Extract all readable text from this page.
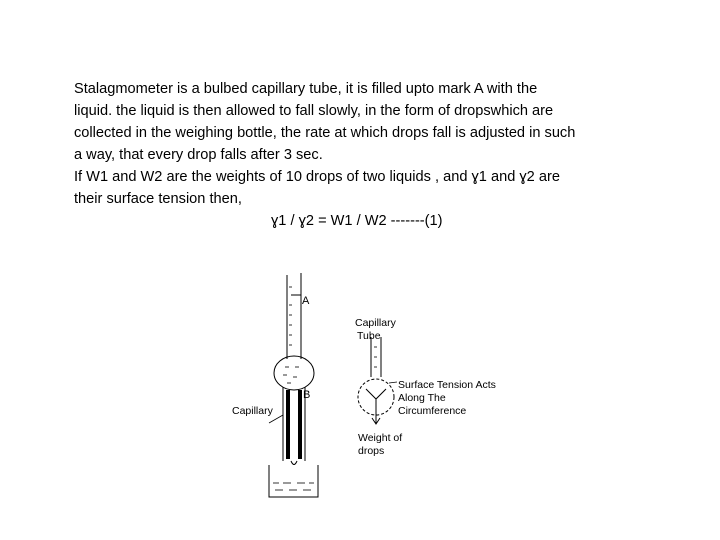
Stalagmometer is a bulbed capillary tube, it is filled upto mark A with the

liquid. the liquid is then allowed to fall slowly, in the form of dropswhich are

collected in the weighing bottle, the rate at which drops fall is adjusted in such

a way, that every drop falls after 3 sec.

If W1 and W2 are the weights of 10 drops of two liquids , and ɣ1 and ɣ2 are

their surface tension then,

ɣ1 / ɣ2 = W1 / W2 -------(1)

A
B
Capillary
Capillary
Tube
Surface Tension Acts
Along The
Circumference
Weight of
drops
